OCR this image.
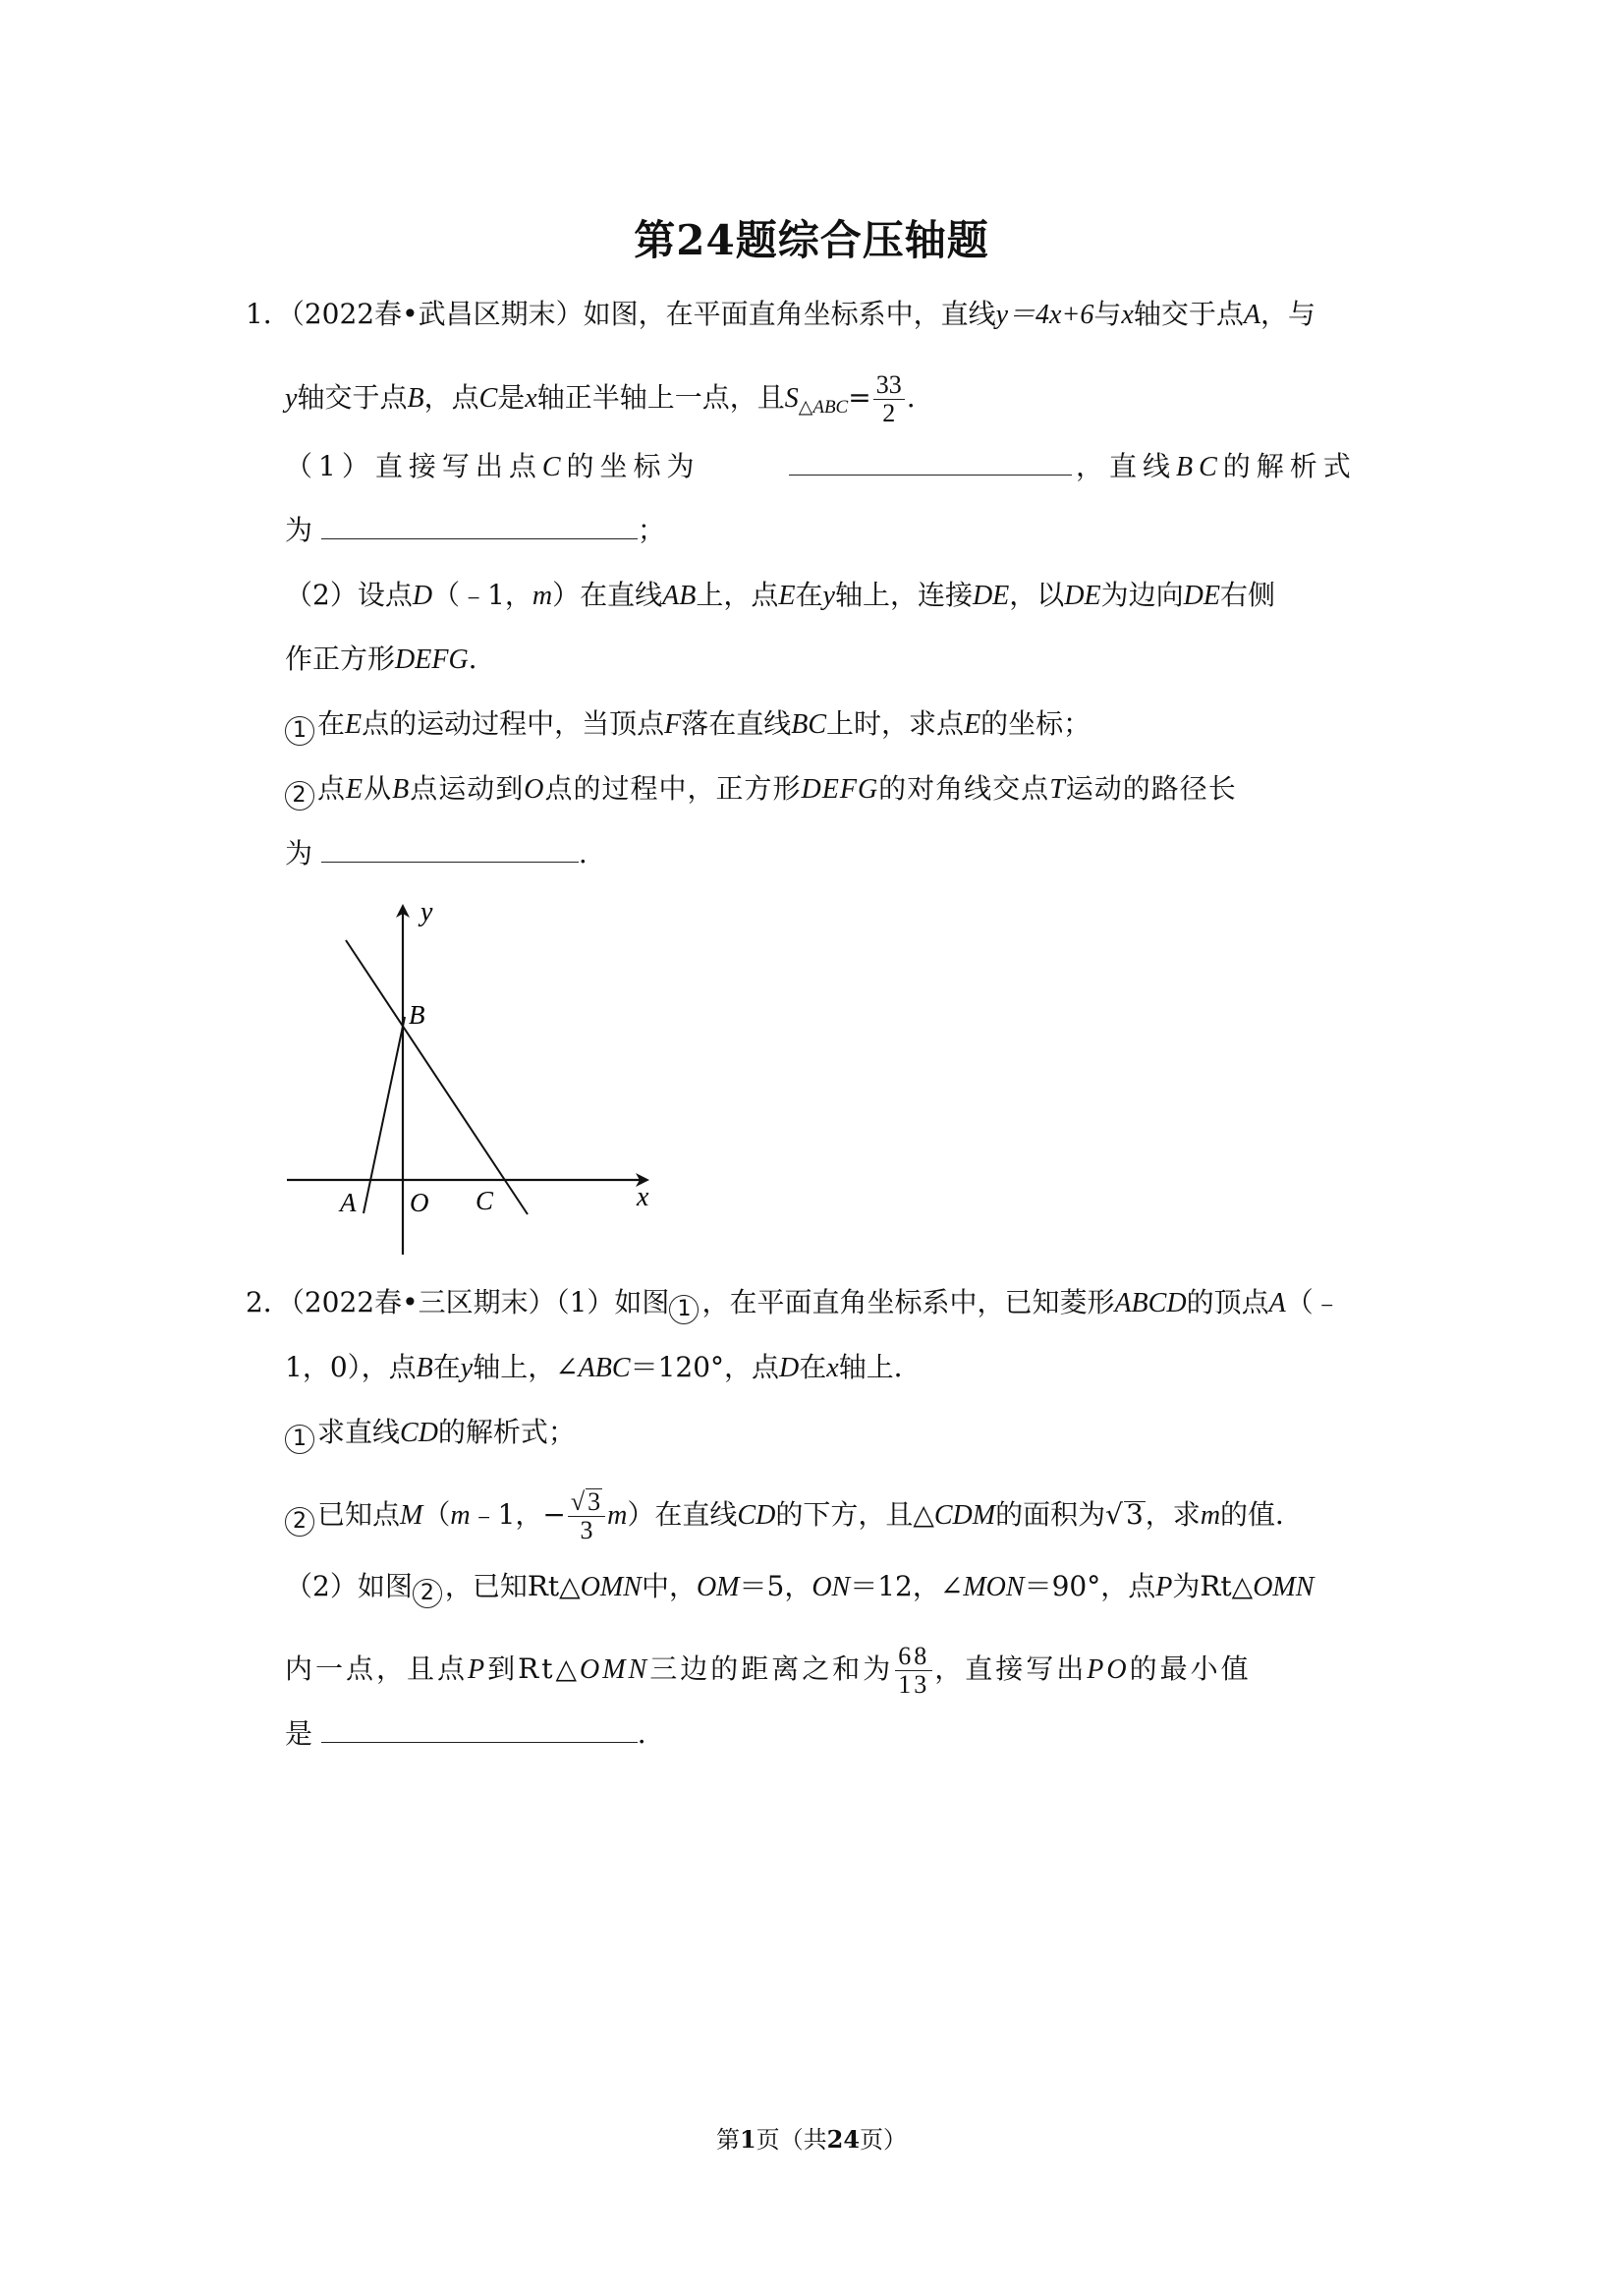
第24题综合压轴题
1．（2022春•武昌区期末）如图，在平面直角坐标系中，直线y＝4x+6与x轴交于点A，与
y轴交于点B，点C是x轴正半轴上一点，且$S_{\triangle ABC}= \frac{33}{2}$ .
（1）直接写出点C的坐标为	，直线BC的解析式
为	；
（2）设点D（﹣1，m）在直线AB上，点E在y轴上，连接DE，以DE为边向DE右侧
作正方形DEFG.
1 在E点的运动过程中，当顶点F落在直线BC上时，求点E的坐标；
2 点E从B点运动到O点的过程中，正方形DEFG的对角线交点T运动的路径长
为	.
y
x
B
A O C
2．（2022春•三区期末）（1）如图 1 ，在平面直角坐标系中，已知菱形ABCD的顶点A（﹣
1，0），点B在y轴上，∠ABC＝120°，点D在x轴上．
1 求直线CD的解析式；
2 已知点M（m﹣1，− $\frac{√ 3}{3} m$）在直线CD的下方，且△CDM的面积为√ 3，求m的值．
（2）如图 2 ，已知Rt△OMN中，OM＝5，ON＝12，∠MON＝90°，点P为Rt△OMN
内一点，且点P到Rt△OMN三边的距离之和为 $\frac{68}{13}$ ，直接写出PO的最小值
是	．
第1页（共24页）
